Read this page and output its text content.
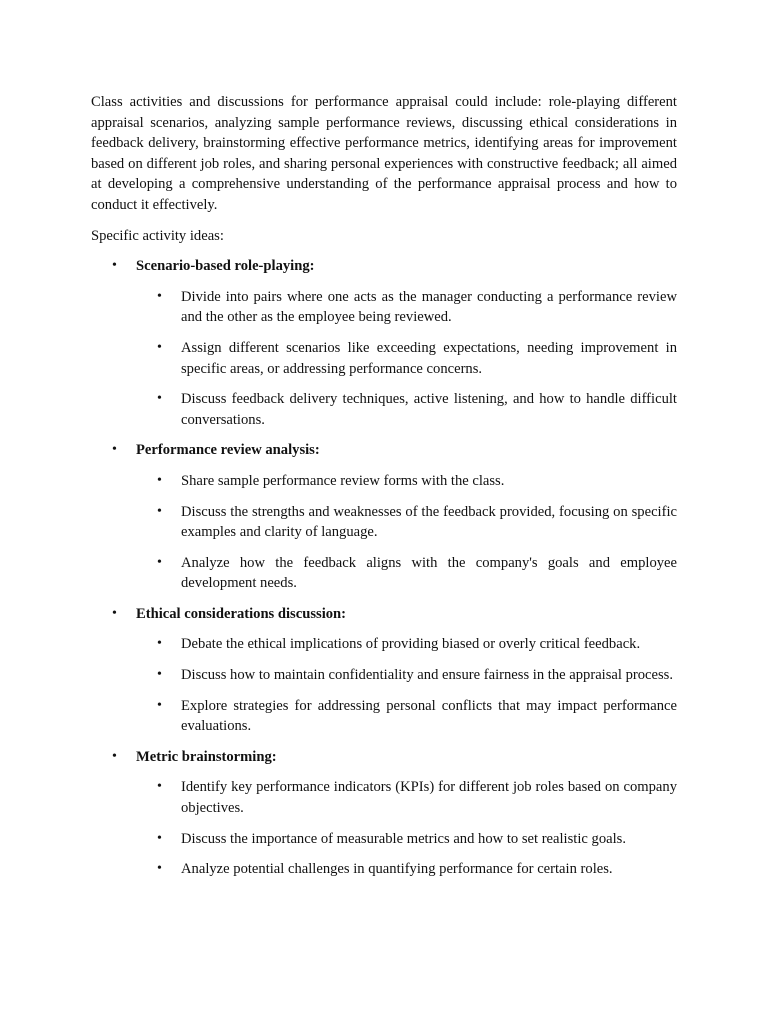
Class activities and discussions for performance appraisal could include: role-playing different appraisal scenarios, analyzing sample performance reviews, discussing ethical considerations in feedback delivery, brainstorming effective performance metrics, identifying areas for improvement based on different job roles, and sharing personal experiences with constructive feedback; all aimed at developing a comprehensive understanding of the performance appraisal process and how to conduct it effectively.

Specific activity ideas:

• Scenario-based role-playing:
• Divide into pairs where one acts as the manager conducting a performance review and the other as the employee being reviewed.
• Assign different scenarios like exceeding expectations, needing improvement in specific areas, or addressing performance concerns.
• Discuss feedback delivery techniques, active listening, and how to handle difficult conversations.
• Performance review analysis:
• Share sample performance review forms with the class.
• Discuss the strengths and weaknesses of the feedback provided, focusing on specific examples and clarity of language.
• Analyze how the feedback aligns with the company's goals and employee development needs.
• Ethical considerations discussion:
• Debate the ethical implications of providing biased or overly critical feedback.
• Discuss how to maintain confidentiality and ensure fairness in the appraisal process.
• Explore strategies for addressing personal conflicts that may impact performance evaluations.
• Metric brainstorming:
• Identify key performance indicators (KPIs) for different job roles based on company objectives.
• Discuss the importance of measurable metrics and how to set realistic goals.
• Analyze potential challenges in quantifying performance for certain roles.
